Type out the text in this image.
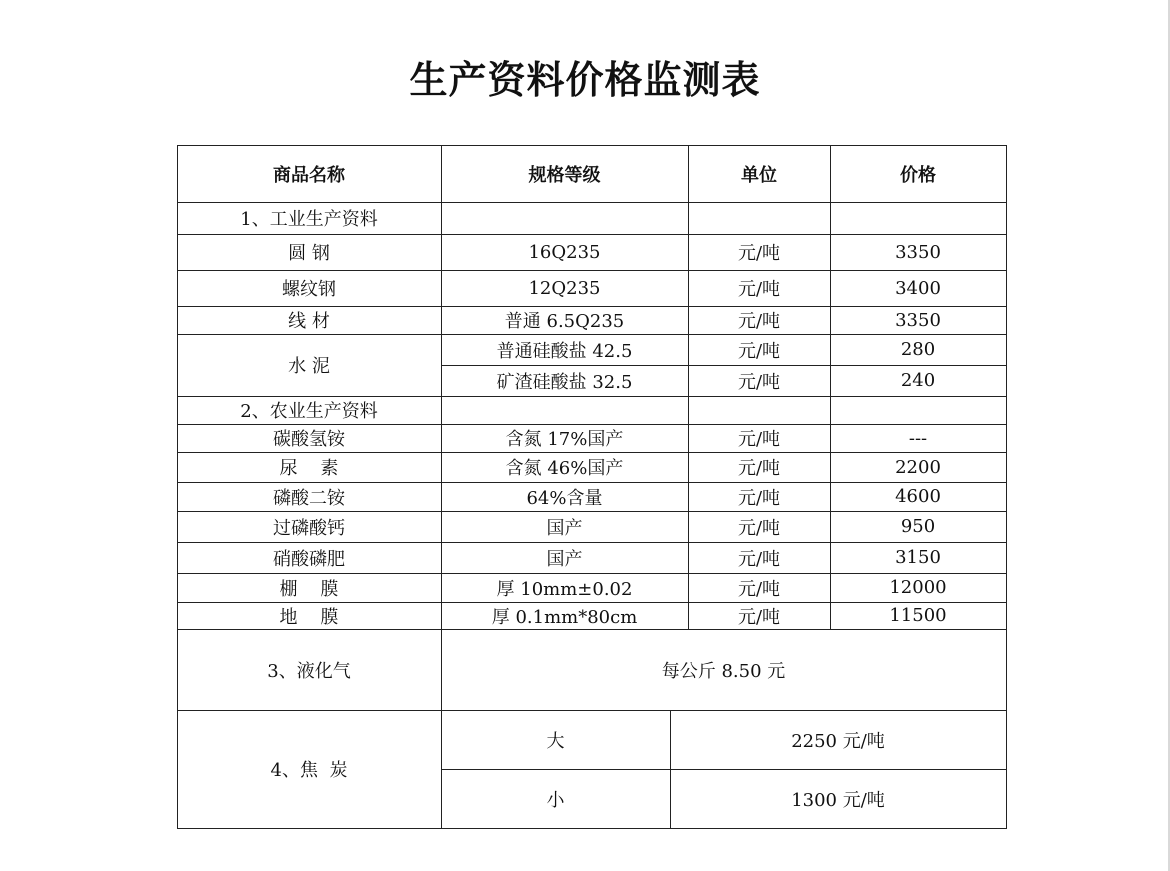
生产资料价格监测表
商品名称	规格等级	单位	价格
1、工业生产资料
圆 钢	16Q235	元/吨	3350
螺纹钢	12Q235	元/吨	3400
线 材	普通 6.5Q235	元/吨	3350
水 泥
普通硅酸盐 42.5	元/吨	280
矿渣硅酸盐 32.5	元/吨	240
2、农业生产资料
碳酸氢铵	含氮 17%国产	元/吨	---
尿    素	含氮 46%国产	元/吨	2200
磷酸二铵	64%含量	元/吨	4600
过磷酸钙	国产	元/吨	950
硝酸磷肥	国产	元/吨	3150
棚    膜	厚 10mm±0.02	元/吨	12000
地    膜	厚 0.1mm*80cm	元/吨	11500
3、液化气	每公斤 8.50 元
4、焦  炭
大	2250 元/吨
小	1300 元/吨
